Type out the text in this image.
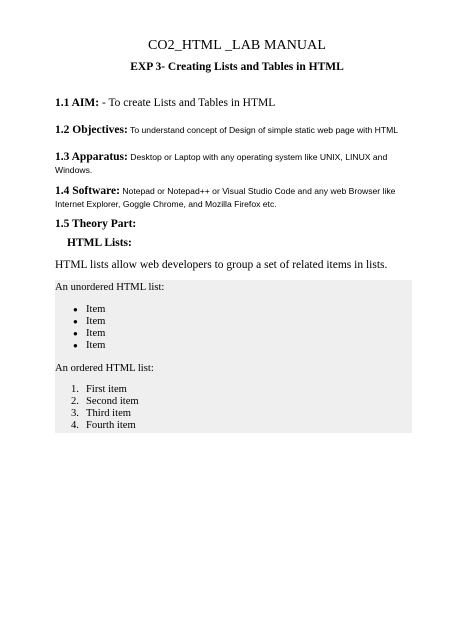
CO2_HTML _LAB MANUAL
EXP 3- Creating Lists and Tables in HTML
1.1 AIM: - To create Lists and Tables in HTML
1.2 Objectives: To understand concept of Design of simple static web page with HTML
1.3 Apparatus: Desktop or Laptop with any operating system like UNIX, LINUX and
Windows.
1.4 Software: Notepad or Notepad++ or Visual Studio Code and any web Browser like
Internet Explorer, Goggle Chrome, and Mozilla Firefox etc.
1.5 Theory Part:
HTML Lists:
HTML lists allow web developers to group a set of related items in lists.
An unordered HTML list:
● Item
● Item
● Item
● Item
An ordered HTML list:
1. First item
2. Second item
3. Third item
4. Fourth item
